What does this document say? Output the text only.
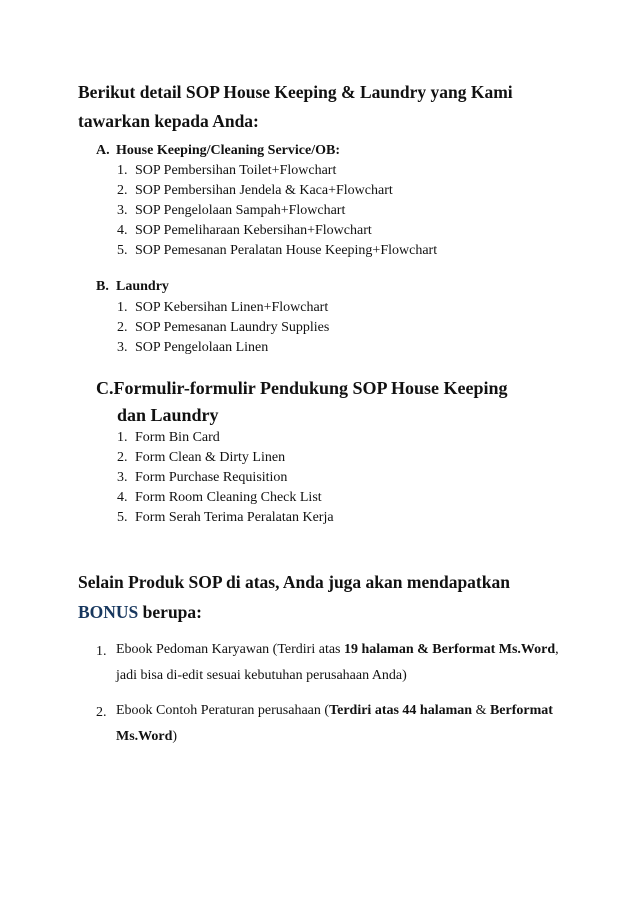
Berikut detail SOP House Keeping & Laundry yang Kami
tawarkan kepada Anda:

A. House Keeping/Cleaning Service/OB:
1. SOP Pembersihan Toilet+Flowchart
2. SOP Pembersihan Jendela & Kaca+Flowchart
3. SOP Pengelolaan Sampah+Flowchart
4. SOP Pemeliharaan Kebersihan+Flowchart
5. SOP Pemesanan Peralatan House Keeping+Flowchart
B. Laundry
1. SOP Kebersihan Linen+Flowchart
2. SOP Pemesanan Laundry Supplies
3. SOP Pengelolaan Linen
C.Formulir-formulir Pendukung SOP House Keeping
dan Laundry
1. Form Bin Card
2. Form Clean & Dirty Linen
3. Form Purchase Requisition
4. Form Room Cleaning Check List
5. Form Serah Terima Peralatan Kerja

Selain Produk SOP di atas, Anda juga akan mendapatkan
BONUS berupa:

1. Ebook Pedoman Karyawan (Terdiri atas 19 halaman & Berformat Ms.Word, jadi bisa di-edit sesuai kebutuhan perusahaan Anda)
2. Ebook Contoh Peraturan perusahaan (Terdiri atas 44 halaman & Berformat Ms.Word)
